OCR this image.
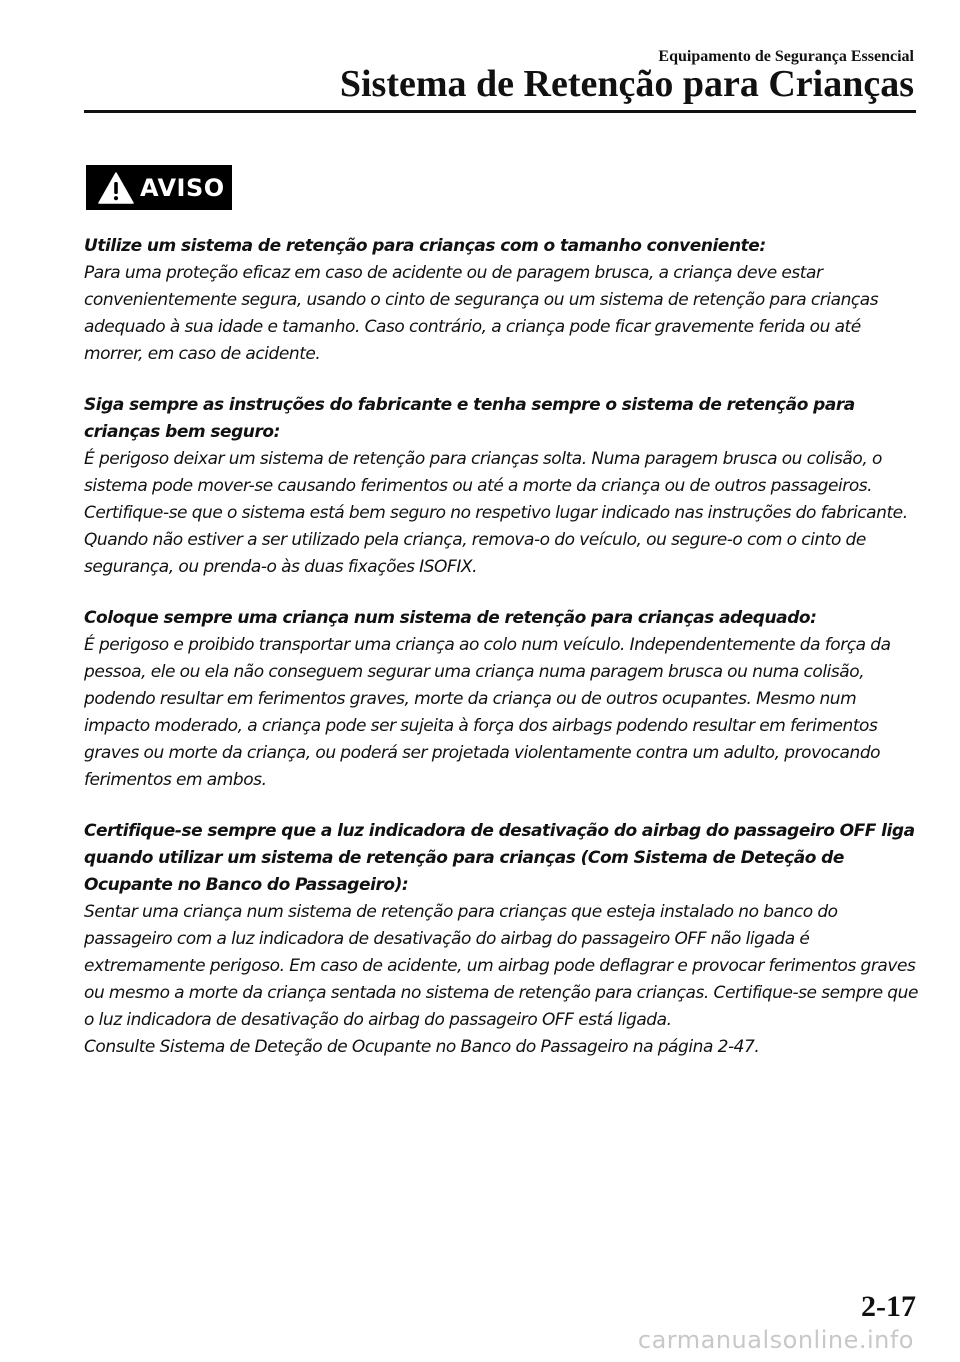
Equipamento de Segurança Essencial
Sistema de Retenção para Crianças
AVISO

Utilize um sistema de retenção para crianças com o tamanho conveniente:

Para uma proteção eficaz em caso de acidente ou de paragem brusca, a criança deve estar convenientemente segura, usando o cinto de segurança ou um sistema de retenção para crianças adequado à sua idade e tamanho. Caso contrário, a criança pode ficar gravemente ferida ou até morrer, em caso de acidente.

Siga sempre as instruções do fabricante e tenha sempre o sistema de retenção para crianças bem seguro:

É perigoso deixar um sistema de retenção para crianças solta. Numa paragem brusca ou colisão, o sistema pode mover-se causando ferimentos ou até a morte da criança ou de outros passageiros. Certifique-se que o sistema está bem seguro no respetivo lugar indicado nas instruções do fabricante. Quando não estiver a ser utilizado pela criança, remova-o do veículo, ou segure-o com o cinto de segurança, ou prenda-o às duas fixações ISOFIX.

Coloque sempre uma criança num sistema de retenção para crianças adequado:

É perigoso e proibido transportar uma criança ao colo num veículo. Independentemente da força da pessoa, ele ou ela não conseguem segurar uma criança numa paragem brusca ou numa colisão, podendo resultar em ferimentos graves, morte da criança ou de outros ocupantes. Mesmo num impacto moderado, a criança pode ser sujeita à força dos airbags podendo resultar em ferimentos graves ou morte da criança, ou poderá ser projetada violentamente contra um adulto, provocando ferimentos em ambos.

Certifique-se sempre que a luz indicadora de desativação do airbag do passageiro OFF liga quando utilizar um sistema de retenção para crianças (Com Sistema de Deteção de Ocupante no Banco do Passageiro):

Sentar uma criança num sistema de retenção para crianças que esteja instalado no banco do passageiro com a luz indicadora de desativação do airbag do passageiro OFF não ligada é extremamente perigoso. Em caso de acidente, um airbag pode deflagrar e provocar ferimentos graves ou mesmo a morte da criança sentada no sistema de retenção para crianças. Certifique-se sempre que o luz indicadora de desativação do airbag do passageiro OFF está ligada.

Consulte Sistema de Deteção de Ocupante no Banco do Passageiro na página 2-47.

2-17
carmanualsonline.info
